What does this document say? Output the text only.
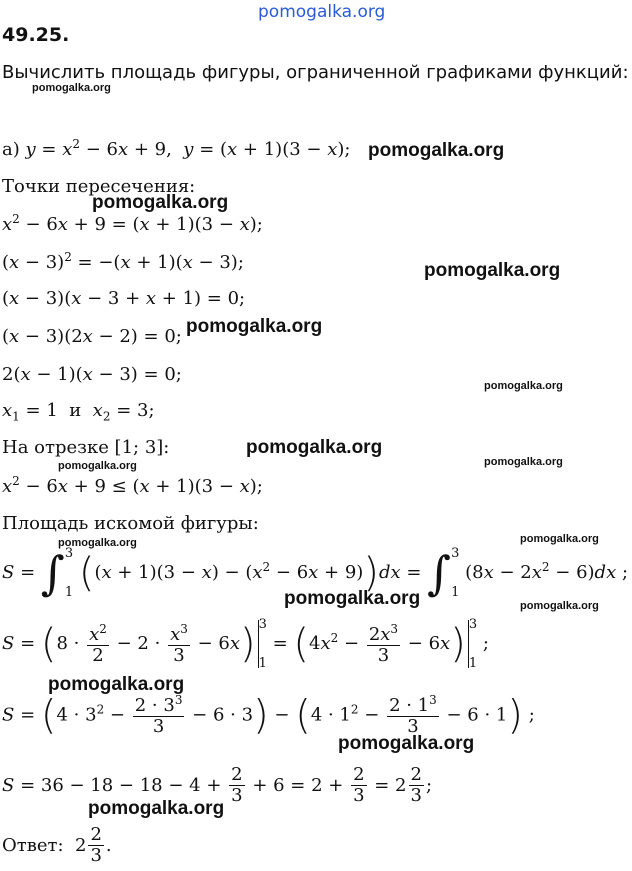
pomogalka.org
49.25.
Вычислить площадь фигуры, ограниченной графиками функций:
pomogalka.org
а) $y = x^2 - 6x + 9$,  y = (x + 1)(3 − x); pomogalka.org
Точки пересечения:
pomogalka.org
$x^2 - 6x + 9 = (x + 1)(3 - x)$;
$(x - 3)^2 = -(x + 1)(x - 3)$;	pomogalka.org
(x − 3)(x − 3 + x + 1) = 0;
(x − 3)(2x − 2) = 0; pomogalka.org
2(x − 1)(x − 3) = 0;
pomogalka.org
$x_1 = 1$  и $x_2 = 3$;
На отрезке [1; 3]:	pomogalka.org
pomogalka.org
pomogalka.org
$x^2 - 6x + 9 \le (x + 1)(3 - x)$;
Площадь искомой фигуры:
pomogalka.org
pomogalka.org
S = ∫3

1 $((x + 1)(3 - x) - (x^2 - 6x + 9))dx = \int 3$

1 $(8x - 2x^2 - 6)dx$ ;
pomogalka.org	pomogalka.org
$S = (8 \cdot \frac{x^2}{2} - 2 \cdot \frac{x^3}{3} - 6x)$ 3

$1 = (4x^2 - \frac{2x^3}{3} - 6x)$ 3

1 ;
pomogalka.org
$S = (4 \cdot 3^2 - \frac{2 \cdot 3^3}{3} - 6 \cdot 3) - (4 \cdot 1^2 - \frac{2 \cdot 1^3}{3} - 6 \cdot 1)$ ;
pomogalka.org
$S = 36 - 18 - 18 - 4 + \frac{2}{3} + 6 = 2 + \frac{2}{3} = 2 \frac{2}{3}$ ;
pomogalka.org
Ответ:  $2 \frac{2}{3}$ .
